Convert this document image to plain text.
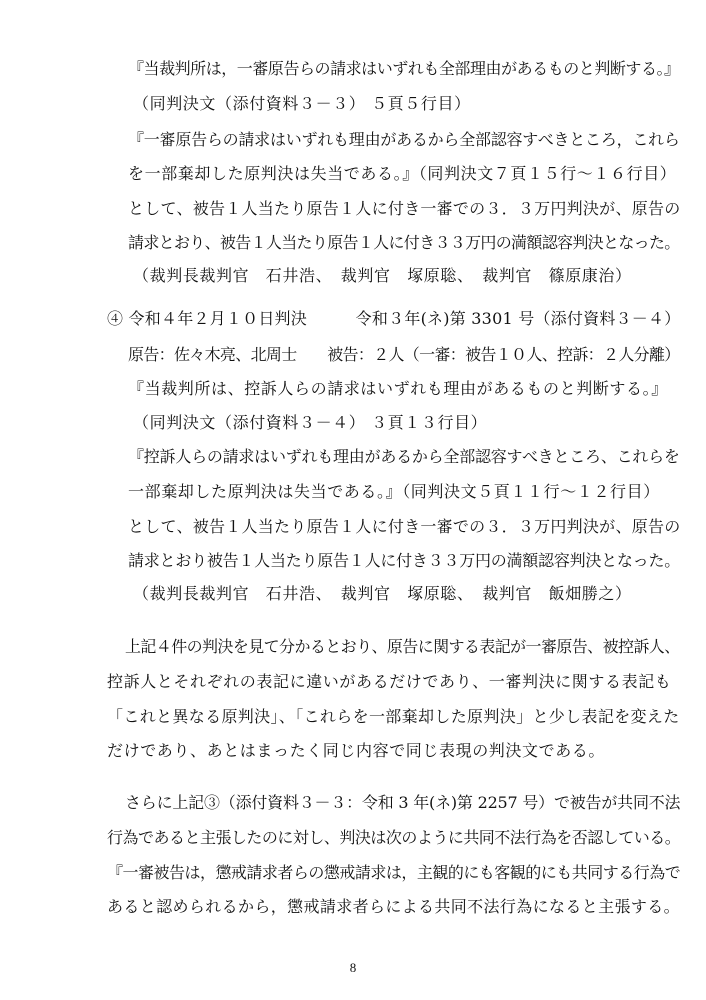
『当裁判所は，一審原告らの請求はいずれも全部理由があるものと判断する。』
（同判決文（添付資料３－３） ５頁５行目）
『一審原告らの請求はいずれも理由があるから全部認容すべきところ，これら
を一部棄却した原判決は失当である。』（同判決文７頁１５行～１６行目）
として、被告１人当たり原告１人に付き一審での３．３万円判決が、原告の
請求とおり、被告１人当たり原告１人に付き３３万円の満額認容判決となった。
（裁判長裁判官　石井浩、　裁判官　塚原聡、　裁判官　篠原康治）
④ 令和４年２月１０日判決　　　令和３年(ネ)第 3301 号（添付資料３－４）
原告：佐々木亮、北周士　　被告：２人（一審：被告１０人、控訴：２人分離）
『当裁判所は、控訴人らの請求はいずれも理由があるものと判断する。』
（同判決文（添付資料３－４） ３頁１３行目）
『控訴人らの請求はいずれも理由があるから全部認容すべきところ、これらを
一部棄却した原判決は失当である。』（同判決文５頁１１行～１２行目）
として、被告１人当たり原告１人に付き一審での３．３万円判決が、原告の
請求とおり被告１人当たり原告１人に付き３３万円の満額認容判決となった。
（裁判長裁判官　石井浩、　裁判官　塚原聡、　裁判官　飯畑勝之）
上記４件の判決を見て分かるとおり、原告に関する表記が一審原告、被控訴人、
控訴人とそれぞれの表記に違いがあるだけであり、一審判決に関する表記も
「これと異なる原判決」、「これらを一部棄却した原判決」と少し表記を変えた
だけであり、あとはまったく同じ内容で同じ表現の判決文である。
さらに上記③（添付資料３－３：令和 3 年(ネ)第 2257 号）で被告が共同不法
行為であると主張したのに対し、判決は次のように共同不法行為を否認している。
『一審被告は，懲戒請求者らの懲戒請求は，主観的にも客観的にも共同する行為で
あると認められるから，懲戒請求者らによる共同不法行為になると主張する。
8
